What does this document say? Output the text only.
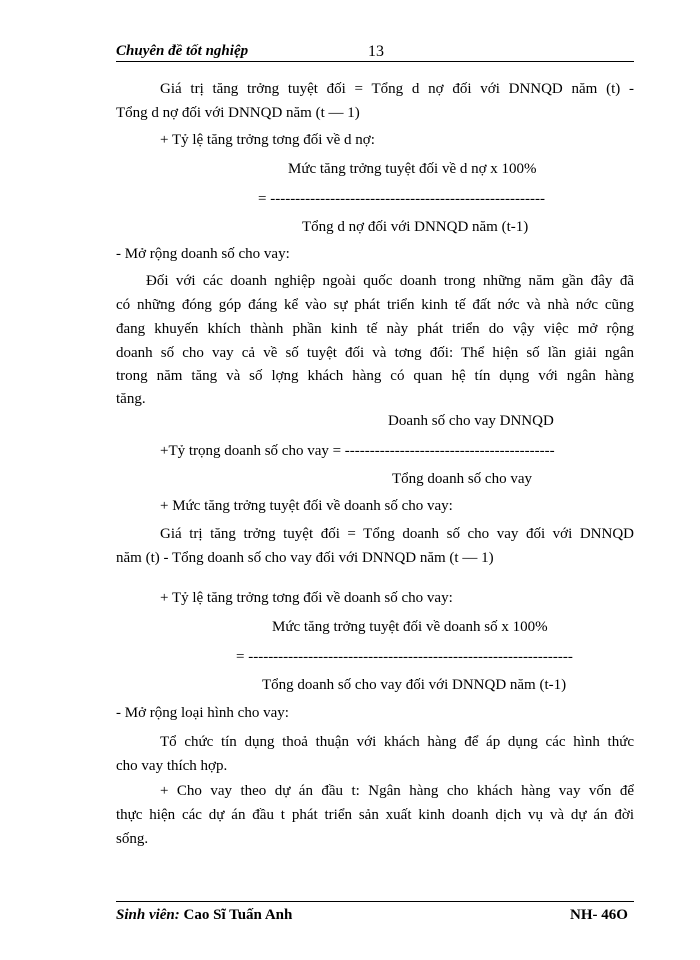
Chuyên đề tốt nghiệp	13
Giá trị tăng trởng tuyệt đối = Tổng d nợ đối với DNNQD năm (t) -
Tổng d nợ đối với DNNQD năm (t — 1)
+ Tỷ lệ tăng trởng tơng đối về d nợ:
Mức tăng trởng tuyệt đối về d nợ x 100%
= -------------------------------------------------------
Tổng d nợ đối với DNNQD năm (t-1)
- Mở rộng doanh số cho vay:
Đối với các doanh nghiệp ngoài quốc doanh trong những năm gần đây đã
có những đóng góp đáng kể vào sự phát triển kinh tế đất nớc và nhà nớc cũng
đang khuyến khích thành phần kinh tế này phát triển do vậy việc mở rộng
doanh số cho vay cả về số tuyệt đối và tơng đối: Thể hiện số lần giải ngân
trong năm tăng và số lợng khách hàng có quan hệ tín dụng với ngân hàng
tăng.
Doanh số cho vay DNNQD
+Tỷ trọng doanh số cho vay = ------------------------------------------
Tổng doanh số cho vay
+ Mức tăng trởng tuyệt đối về doanh số cho vay:
Giá trị tăng trởng tuyệt đối = Tổng doanh số cho vay đối với DNNQD
năm (t) - Tổng doanh số cho vay đối với DNNQD năm (t — 1)
+ Tỷ lệ tăng trởng tơng đối về doanh số cho vay:
Mức tăng trởng tuyệt đối về doanh số x 100%
= -----------------------------------------------------------------
Tổng doanh số cho vay đối với DNNQD năm (t-1)
- Mở rộng loại hình cho vay:
Tổ chức tín dụng thoả thuận với khách hàng để áp dụng các hình thức
cho vay thích hợp.
+ Cho vay theo dự án đầu t: Ngân hàng cho khách hàng vay vốn để
thực hiện các dự án đầu t phát triển sản xuất kinh doanh dịch vụ và dự án đời
sống.
Sinh viên: Cao Sĩ Tuấn Anh	NH- 46O
